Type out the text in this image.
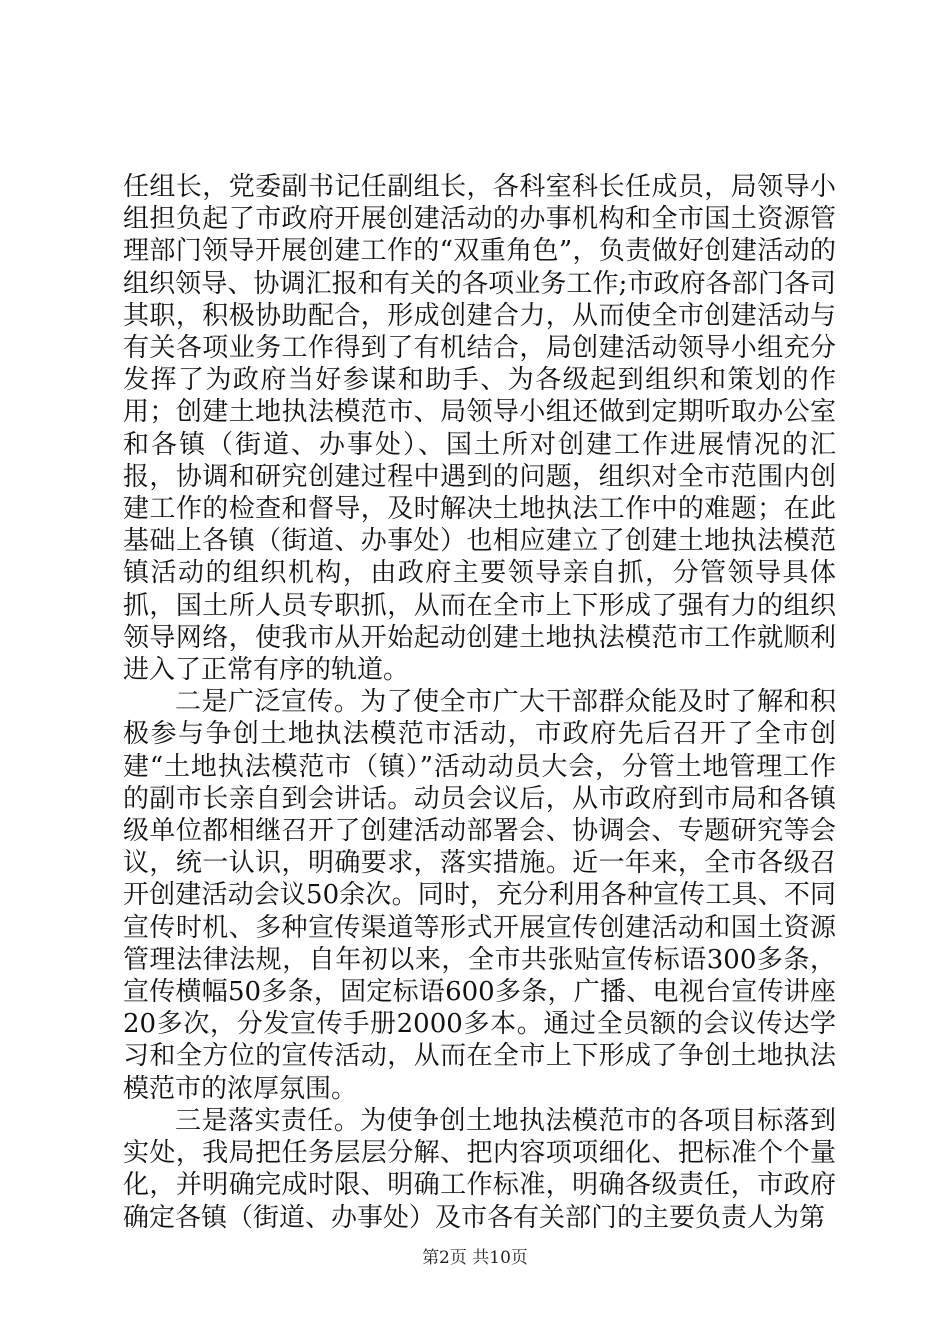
任组长，党委副书记任副组长，各科室科长任成员，局领导小组担负起了市政府开展创建活动的办事机构和全市国土资源管理部门领导开展创建工作的“双重角色”，负责做好创建活动的组织领导、协调汇报和有关的各项业务工作;市政府各部门各司其职，积极协助配合，形成创建合力，从而使全市创建活动与有关各项业务工作得到了有机结合，局创建活动领导小组充分发挥了为政府当好参谋和助手、为各级起到组织和策划的作用；创建土地执法模范市、局领导小组还做到定期听取办公室和各镇（街道、办事处）、国土所对创建工作进展情况的汇报，协调和研究创建过程中遇到的问题，组织对全市范围内创建工作的检查和督导，及时解决土地执法工作中的难题；在此基础上各镇（街道、办事处）也相应建立了创建土地执法模范镇活动的组织机构，由政府主要领导亲自抓，分管领导具体抓，国土所人员专职抓，从而在全市上下形成了强有力的组织领导网络，使我市从开始起动创建土地执法模范市工作就顺利进入了正常有序的轨道。

二是广泛宣传。为了使全市广大干部群众能及时了解和积极参与争创土地执法模范市活动，市政府先后召开了全市创建“土地执法模范市（镇）”活动动员大会，分管土地管理工作的副市长亲自到会讲话。动员会议后，从市政府到市局和各镇级单位都相继召开了创建活动部署会、协调会、专题研究等会议，统一认识，明确要求，落实措施。近一年来，全市各级召开创建活动会议50余次。同时，充分利用各种宣传工具、不同宣传时机、多种宣传渠道等形式开展宣传创建活动和国土资源管理法律法规，自年初以来，全市共张贴宣传标语300多条，宣传横幅50多条，固定标语600多条，广播、电视台宣传讲座20多次，分发宣传手册2000多本。通过全员额的会议传达学习和全方位的宣传活动，从而在全市上下形成了争创土地执法模范市的浓厚氛围。

三是落实责任。为使争创土地执法模范市的各项目标落到实处，我局把任务层层分解、把内容项项细化、把标准个个量化，并明确完成时限、明确工作标准，明确各级责任，市政府确定各镇（街道、办事处）及市各有关部门的主要负责人为第

第2页 共10页
